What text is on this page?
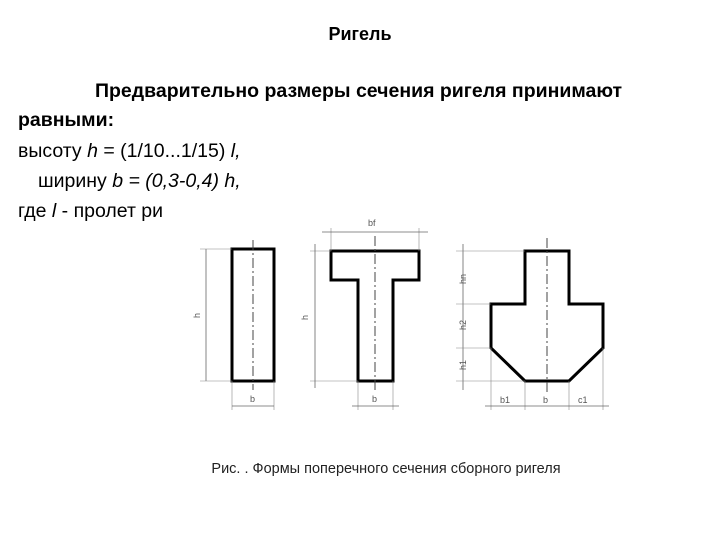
Ригель
Предварительно размеры сечения ригеля принимают
равными:
высоту h = (1/10...1/15) l,
ширину b = (0,3-0,4) h,
где l - пролет ри
h
b
bf
h
b
hn
h2
h1
b1	b	c1
Рис. . Формы поперечного сечения сборного ригеля
